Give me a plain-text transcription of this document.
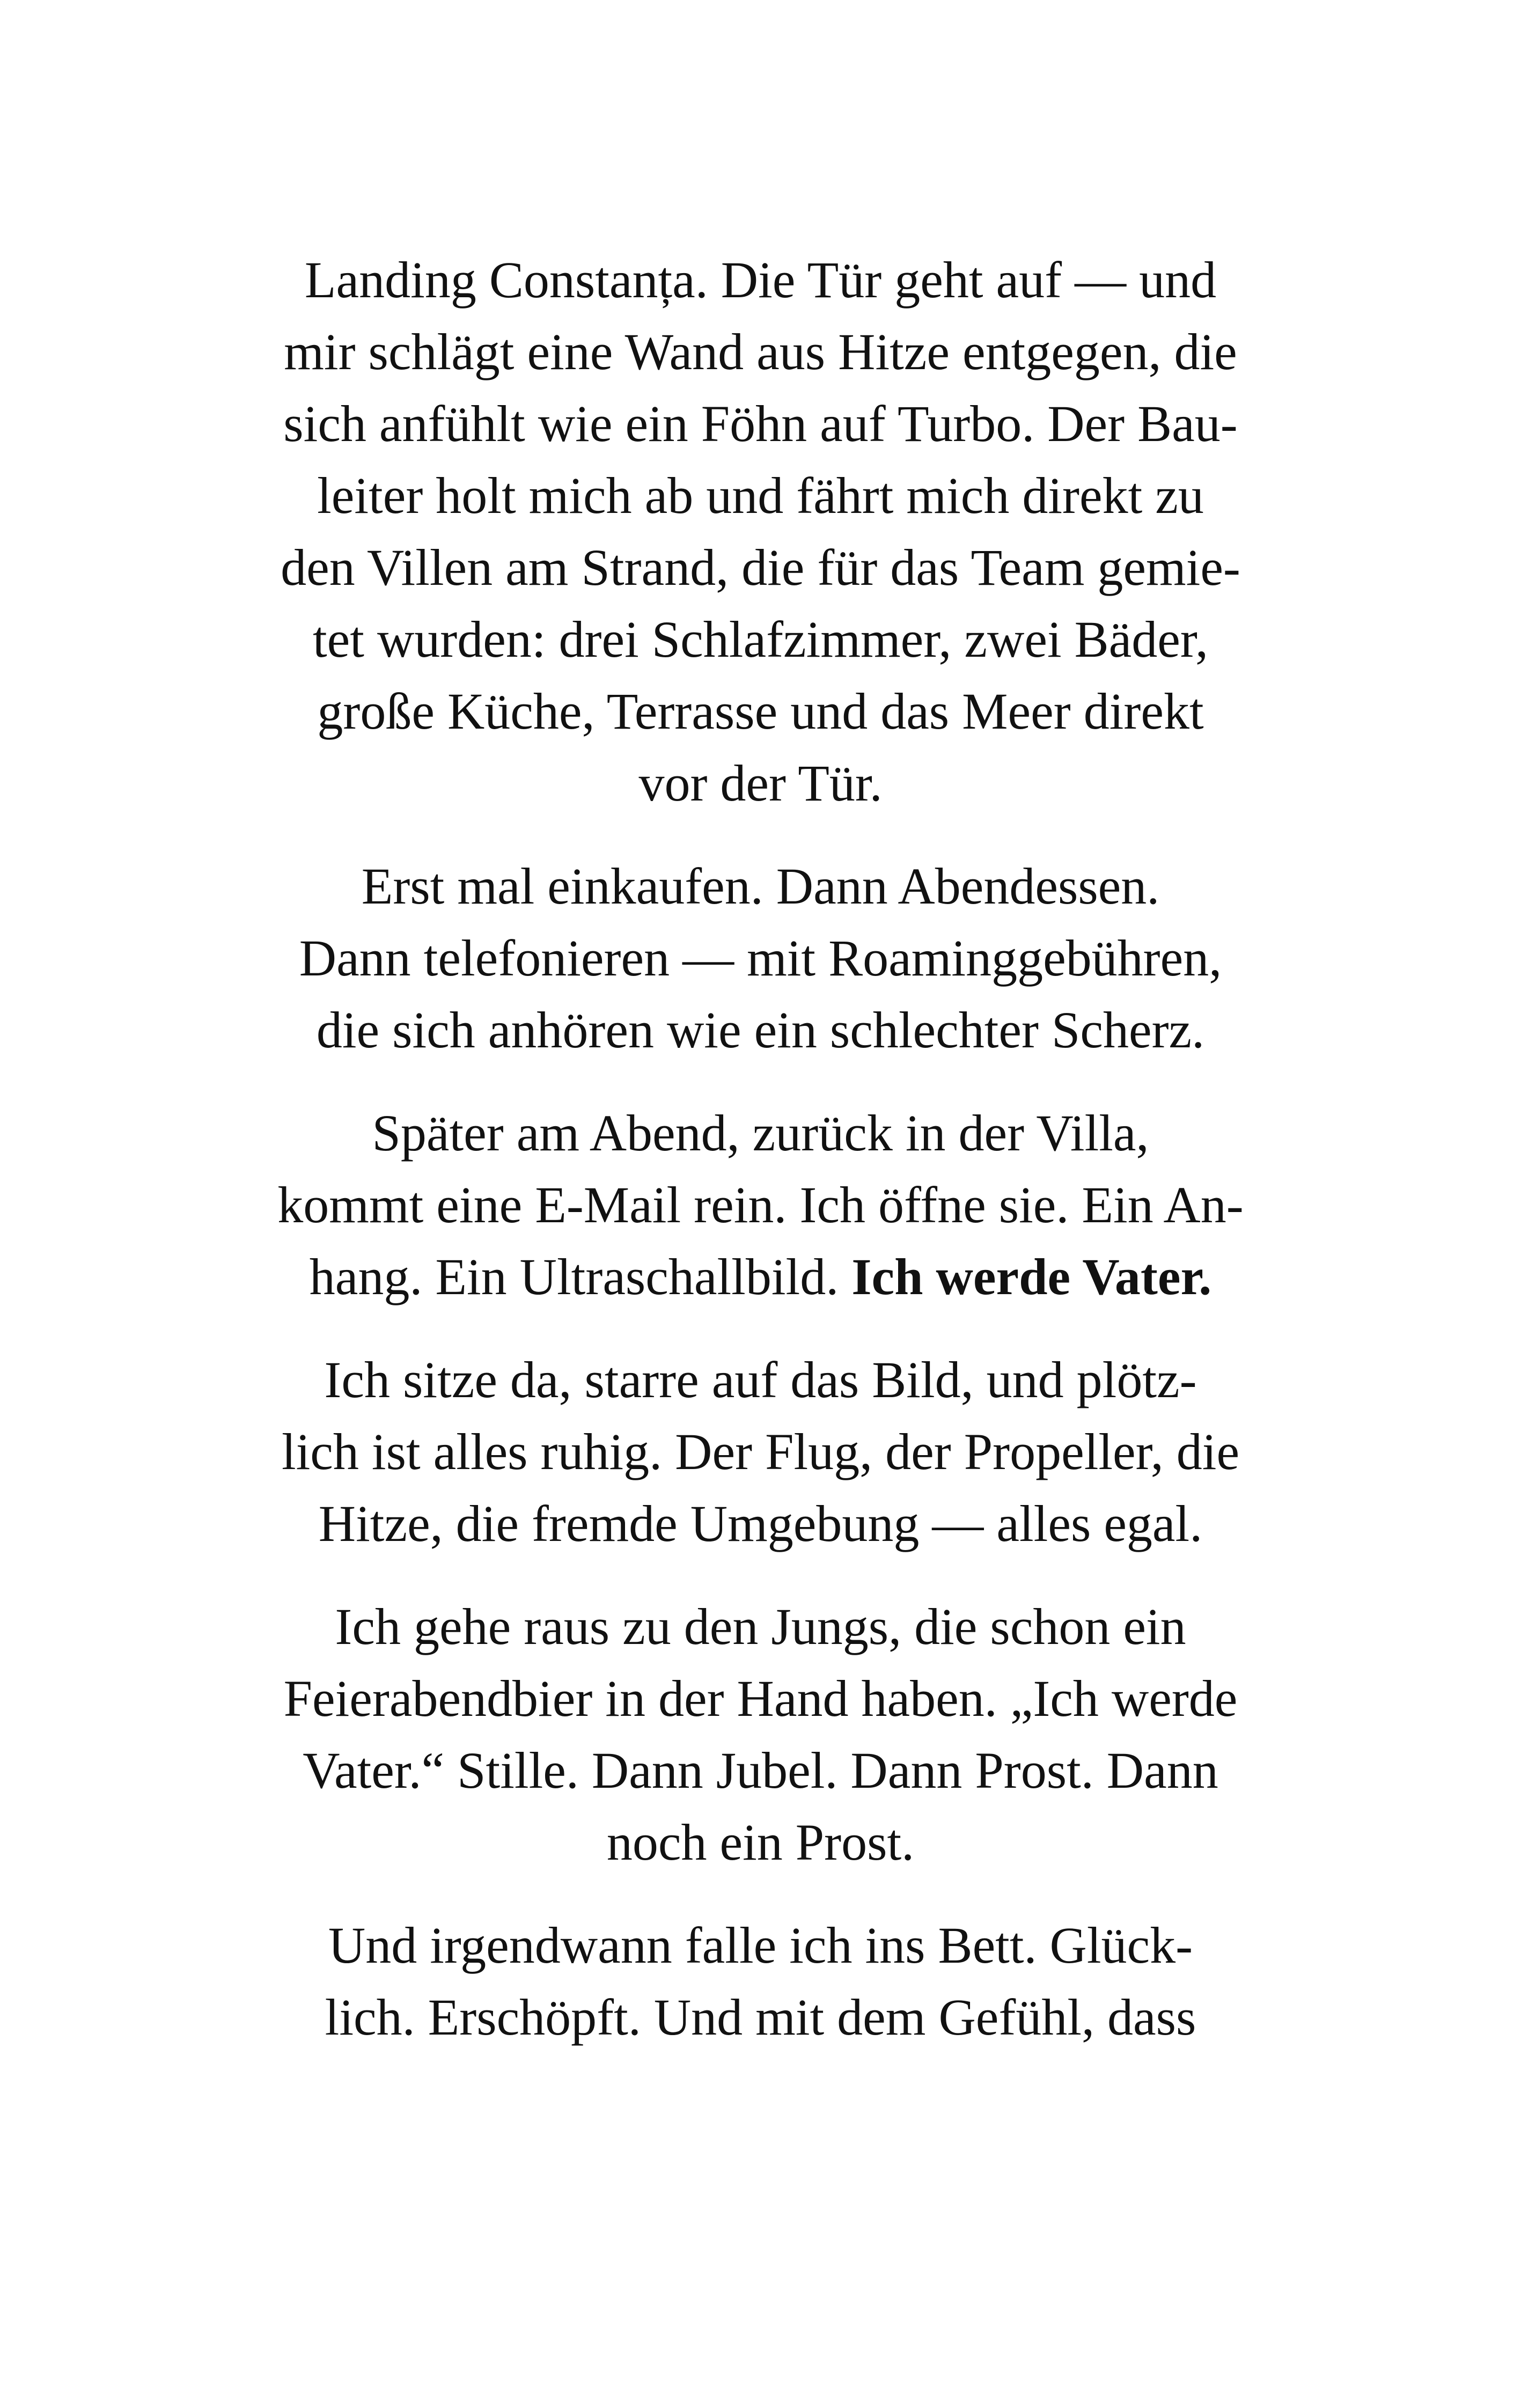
Landing Constanța. Die Tür geht auf — und
mir schlägt eine Wand aus Hitze entgegen, die
sich anfühlt wie ein Föhn auf Turbo. Der Bau-
leiter holt mich ab und fährt mich direkt zu
den Villen am Strand, die für das Team gemie-
tet wurden: drei Schlafzimmer, zwei Bäder,
große Küche, Terrasse und das Meer direkt
vor der Tür.

Erst mal einkaufen. Dann Abendessen.
Dann telefonieren — mit Roaminggebühren,
die sich anhören wie ein schlechter Scherz.

Später am Abend, zurück in der Villa,
kommt eine E-Mail rein. Ich öffne sie. Ein An-
hang. Ein Ultraschallbild. Ich werde Vater.

Ich sitze da, starre auf das Bild, und plötz-
lich ist alles ruhig. Der Flug, der Propeller, die
Hitze, die fremde Umgebung — alles egal.

Ich gehe raus zu den Jungs, die schon ein
Feierabendbier in der Hand haben. „Ich werde
Vater.“ Stille. Dann Jubel. Dann Prost. Dann
noch ein Prost.

Und irgendwann falle ich ins Bett. Glück-
lich. Erschöpft. Und mit dem Gefühl, dass
